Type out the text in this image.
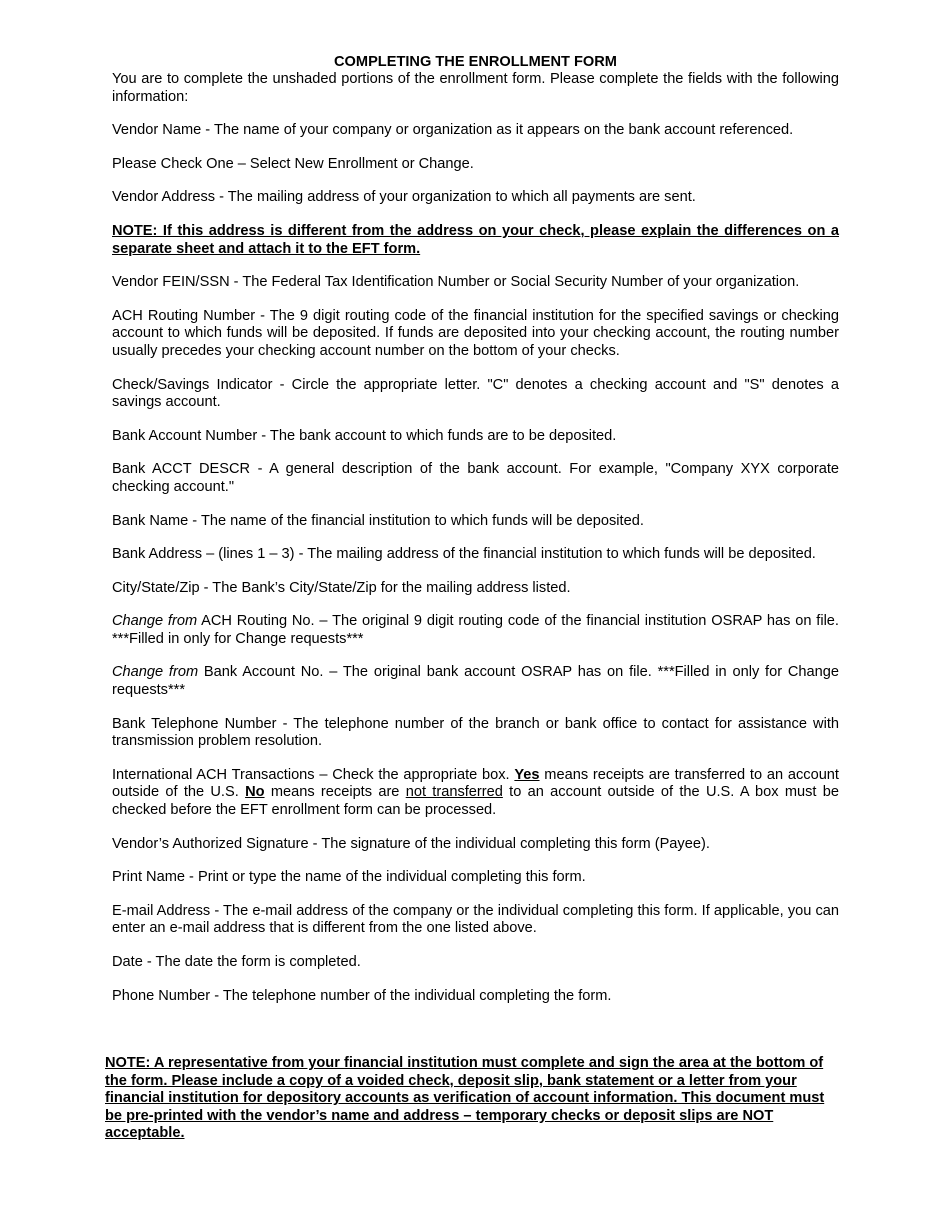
COMPLETING THE ENROLLMENT FORM

You are to complete the unshaded portions of the enrollment form. Please complete the fields with the following information:

Vendor Name - The name of your company or organization as it appears on the bank account referenced.

Please Check One – Select New Enrollment or Change.

Vendor Address - The mailing address of your organization to which all payments are sent.

NOTE: If this address is different from the address on your check, please explain the differences on a separate sheet and attach it to the EFT form.

Vendor FEIN/SSN - The Federal Tax Identification Number or Social Security Number of your organization.

ACH Routing Number - The 9 digit routing code of the financial institution for the specified savings or checking account to which funds will be deposited. If funds are deposited into your checking account, the routing number usually precedes your checking account number on the bottom of your checks.

Check/Savings Indicator - Circle the appropriate letter. "C" denotes a checking account and "S" denotes a savings account.

Bank Account Number - The bank account to which funds are to be deposited.

Bank ACCT DESCR - A general description of the bank account. For example, "Company XYX corporate checking account."

Bank Name - The name of the financial institution to which funds will be deposited.

Bank Address – (lines 1 – 3) - The mailing address of the financial institution to which funds will be deposited.

City/State/Zip - The Bank’s City/State/Zip for the mailing address listed.

Change from ACH Routing No. – The original 9 digit routing code of the financial institution OSRAP has on file. ***Filled in only for Change requests***

Change from Bank Account No. – The original bank account OSRAP has on file. ***Filled in only for Change requests***

Bank Telephone Number - The telephone number of the branch or bank office to contact for assistance with transmission problem resolution.

International ACH Transactions – Check the appropriate box. Yes means receipts are transferred to an account outside of the U.S. No means receipts are not transferred to an account outside of the U.S. A box must be checked before the EFT enrollment form can be processed.

Vendor’s Authorized Signature - The signature of the individual completing this form (Payee).

Print Name - Print or type the name of the individual completing this form.

E-mail Address - The e-mail address of the company or the individual completing this form. If applicable, you can enter an e-mail address that is different from the one listed above.

Date - The date the form is completed.

Phone Number - The telephone number of the individual completing the form.

NOTE: A representative from your financial institution must complete and sign the area at the bottom of the form. Please include a copy of a voided check, deposit slip, bank statement or a letter from your financial institution for depository accounts as verification of account information. This document must be pre-printed with the vendor’s name and address – temporary checks or deposit slips are NOT acceptable.
